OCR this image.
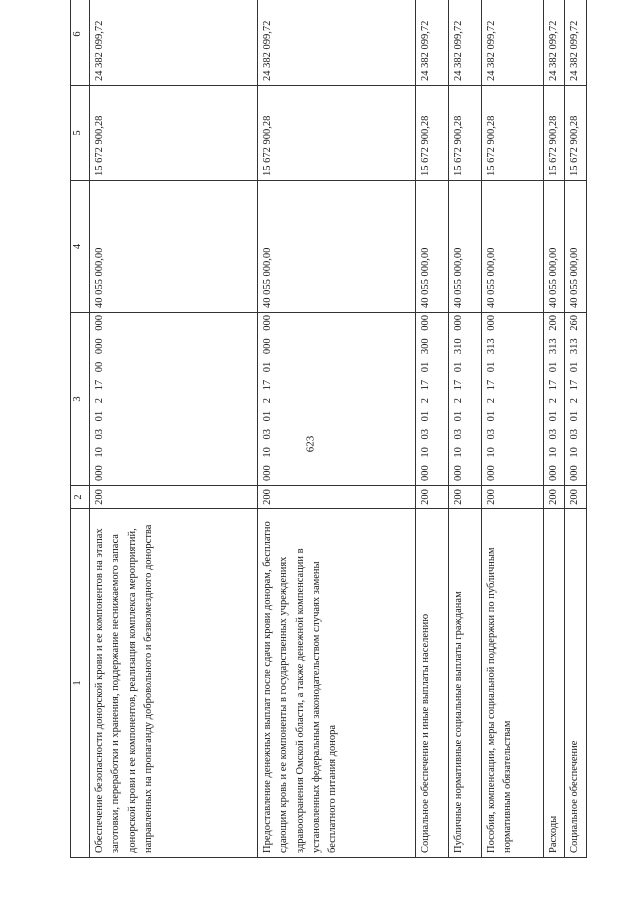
623
1	2	3	4	5	6
Обеспечение безопасности донорской крови и ее компонентов на этапах заготовки, переработки и хранения, поддержание неснижаемого запаса донорской крови и ее компонентов, реализация комплекса мероприятий, направленных на пропаганду добровольного и безвозмездного донорства	200	000 10 03 01 2 17 00 000 000	40 055 000,00	15 672 900,28	24 382 099,72
Предоставление денежных выплат после сдачи крови донорам, бесплатно сдающим кровь и ее компоненты в государственных учреждениях здравоохранения Омской области, а также денежной компенсации в установленных федеральным законодательством случаях замены бесплатного питания донора	200	000 10 03 01 2 17 01 000 000	40 055 000,00	15 672 900,28	24 382 099,72
Социальное обеспечение и иные выплаты населению	200	000 10 03 01 2 17 01 300 000	40 055 000,00	15 672 900,28	24 382 099,72
Публичные нормативные социальные выплаты гражданам	200	000 10 03 01 2 17 01 310 000	40 055 000,00	15 672 900,28	24 382 099,72
Пособия, компенсации, меры социальной поддержки по публичным нормативным обязательствам	200	000 10 03 01 2 17 01 313 000	40 055 000,00	15 672 900,28	24 382 099,72
Расходы	200	000 10 03 01 2 17 01 313 200	40 055 000,00	15 672 900,28	24 382 099,72
Социальное обеспечение	200	000 10 03 01 2 17 01 313 260	40 055 000,00	15 672 900,28	24 382 099,72
